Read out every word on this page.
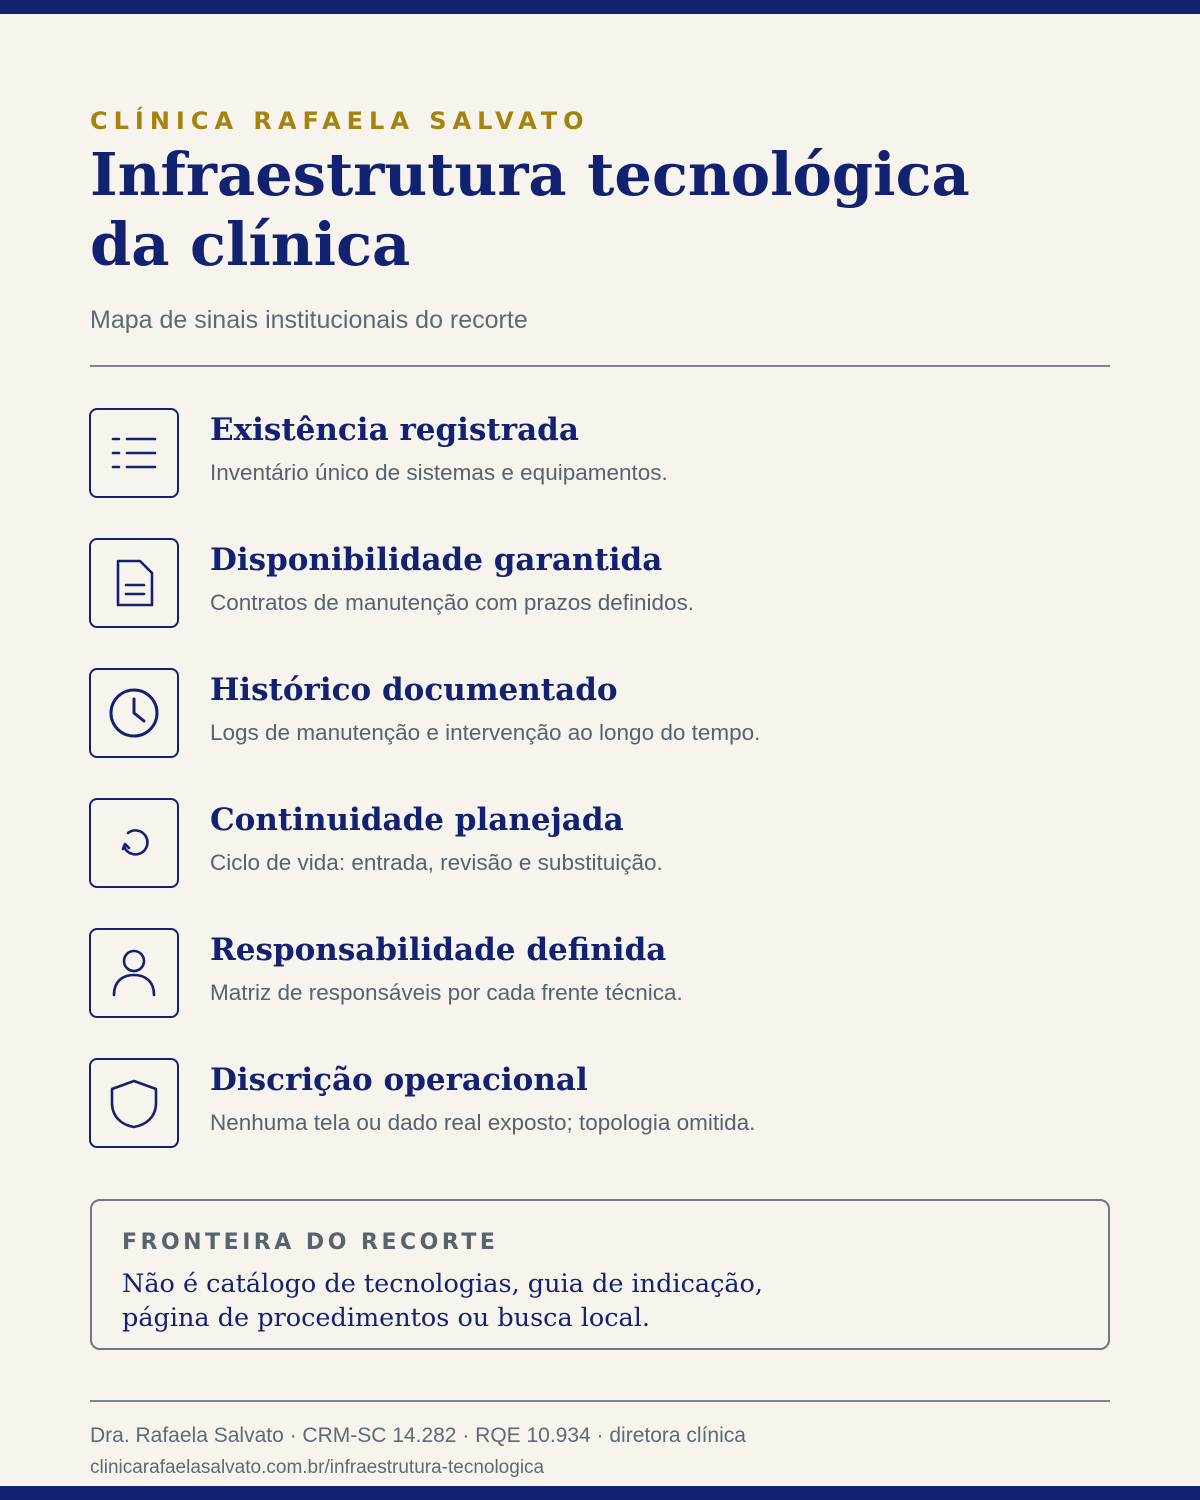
CLÍNICA RAFAELA SALVATO
Infraestrutura tecnológica
da clínica
Mapa de sinais institucionais do recorte
Existência registrada
Inventário único de sistemas e equipamentos.
Disponibilidade garantida
Contratos de manutenção com prazos definidos.
Histórico documentado
Logs de manutenção e intervenção ao longo do tempo.
Continuidade planejada
Ciclo de vida: entrada, revisão e substituição.
Responsabilidade definida
Matriz de responsáveis por cada frente técnica.
Discrição operacional
Nenhuma tela ou dado real exposto; topologia omitida.
FRONTEIRA DO RECORTE

Não é catálogo de tecnologias, guia de indicação,
página de procedimentos ou busca local.

Dra. Rafaela Salvato · CRM-SC 14.282 · RQE 10.934 · diretora clínica
clinicarafaelasalvato.com.br/infraestrutura-tecnologica
